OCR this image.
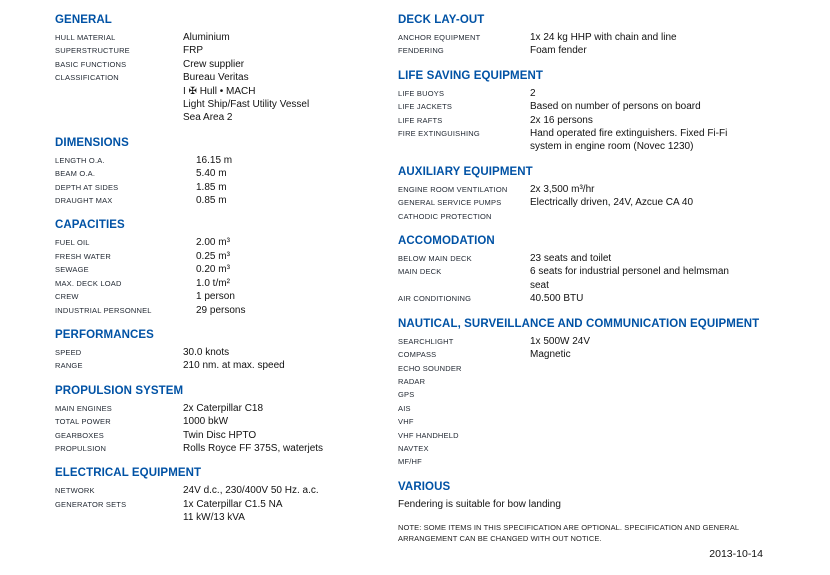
GENERAL
HULL MATERIAL	Aluminium
SUPERSTRUCTURE	FRP
BASIC FUNCTIONS	Crew supplier
CLASSIFICATION	Bureau Veritas
I ✠ Hull • MACH
Light Ship/Fast Utility Vessel
Sea Area 2
DIMENSIONS
LENGTH O.A.	16.15 m
BEAM O.A.	5.40 m
DEPTH AT SIDES	1.85 m
DRAUGHT MAX	0.85 m
CAPACITIES
FUEL OIL	2.00 m³
FRESH WATER	0.25 m³
SEWAGE	0.20 m³
MAX. DECK LOAD	1.0 t/m²
CREW	1 person
INDUSTRIAL PERSONNEL	29 persons
PERFORMANCES
SPEED	30.0 knots
RANGE	210 nm. at max. speed
PROPULSION SYSTEM
MAIN ENGINES	2x Caterpillar C18
TOTAL POWER	1000 bkW
GEARBOXES	Twin Disc HPTO
PROPULSION	Rolls Royce FF 375S, waterjets
ELECTRICAL EQUIPMENT
NETWORK	24V d.c., 230/400V 50 Hz. a.c.
GENERATOR SETS	1x Caterpillar C1.5 NA
11 kW/13 kVA
DECK LAY-OUT
ANCHOR EQUIPMENT	1x 24 kg HHP with chain and line
FENDERING	Foam fender
LIFE SAVING EQUIPMENT
LIFE BUOYS	2
LIFE JACKETS	Based on number of persons on board
LIFE RAFTS	2x 16 persons
FIRE EXTINGUISHING	Hand operated fire extinguishers. Fixed Fi-Fi
system in engine room (Novec 1230)
AUXILIARY EQUIPMENT
ENGINE ROOM VENTILATION	2x 3,500 m³/hr
GENERAL SERVICE PUMPS	Electrically driven, 24V, Azcue CA 40
CATHODIC PROTECTION
ACCOMODATION
BELOW MAIN DECK	23 seats and toilet
MAIN DECK	6 seats for industrial personel and helmsman
seat
AIR CONDITIONING	40.500 BTU
NAUTICAL, SURVEILLANCE AND COMMUNICATION EQUIPMENT
SEARCHLIGHT	1x 500W 24V
COMPASS	Magnetic
ECHO SOUNDER
RADAR
GPS
AIS
VHF
VHF HANDHELD
NAVTEX
MF/HF
VARIOUS
Fendering is suitable for bow landing
NOTE: SOME ITEMS IN THIS SPECIFICATION ARE OPTIONAL. SPECIFICATION AND GENERAL ARRANGEMENT CAN BE CHANGED WITH OUT NOTICE.
2013-10-14
